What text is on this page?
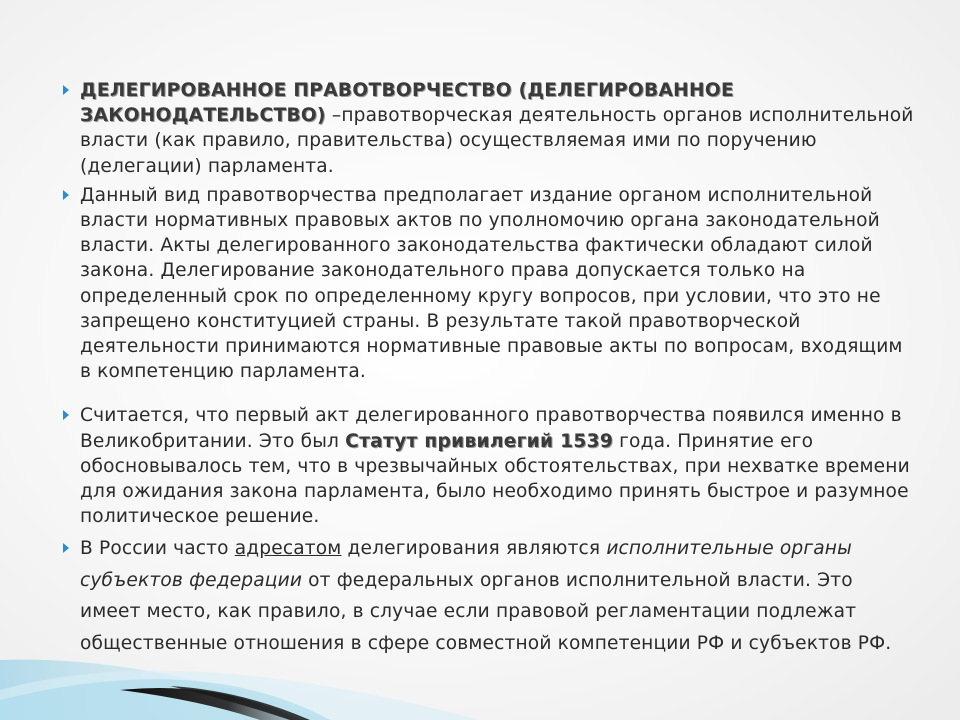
ДЕЛЕГИРОВАННОЕ ПРАВОТВОРЧЕСТВО (ДЕЛЕГИРОВАННОЕ ЗАКОНОДАТЕЛЬСТВО) –правотворческая деятельность органов исполнительной власти (как правило, правительства) осуществляемая ими по поручению (делегации) парламента.
Данный вид правотворчества предполагает издание органом исполнительной власти нормативных правовых актов по уполномочию органа законодательной власти. Акты делегированного законодательства фактически обладают силой закона. Делегирование законодательного права допускается только на определенный срок по определенному кругу вопросов, при условии, что это не запрещено конституцией страны. В результате такой правотворческой деятельности принимаются нормативные правовые акты по вопросам, входящим в компетенцию парламента.
Считается, что первый акт делегированного правотворчества появился именно в Великобритании. Это был Статут привилегий 1539 года. Принятие его обосновывалось тем, что в чрезвычайных обстоятельствах, при нехватке времени для ожидания закона парламента, было необходимо принять быстрое и разумное политическое решение.
В России часто адресатом делегирования являются исполнительные органы субъектов федерации от федеральных органов исполнительной власти. Это имеет место, как правило, в случае если правовой регламентации подлежат общественные отношения в сфере совместной компетенции РФ и субъектов РФ.
